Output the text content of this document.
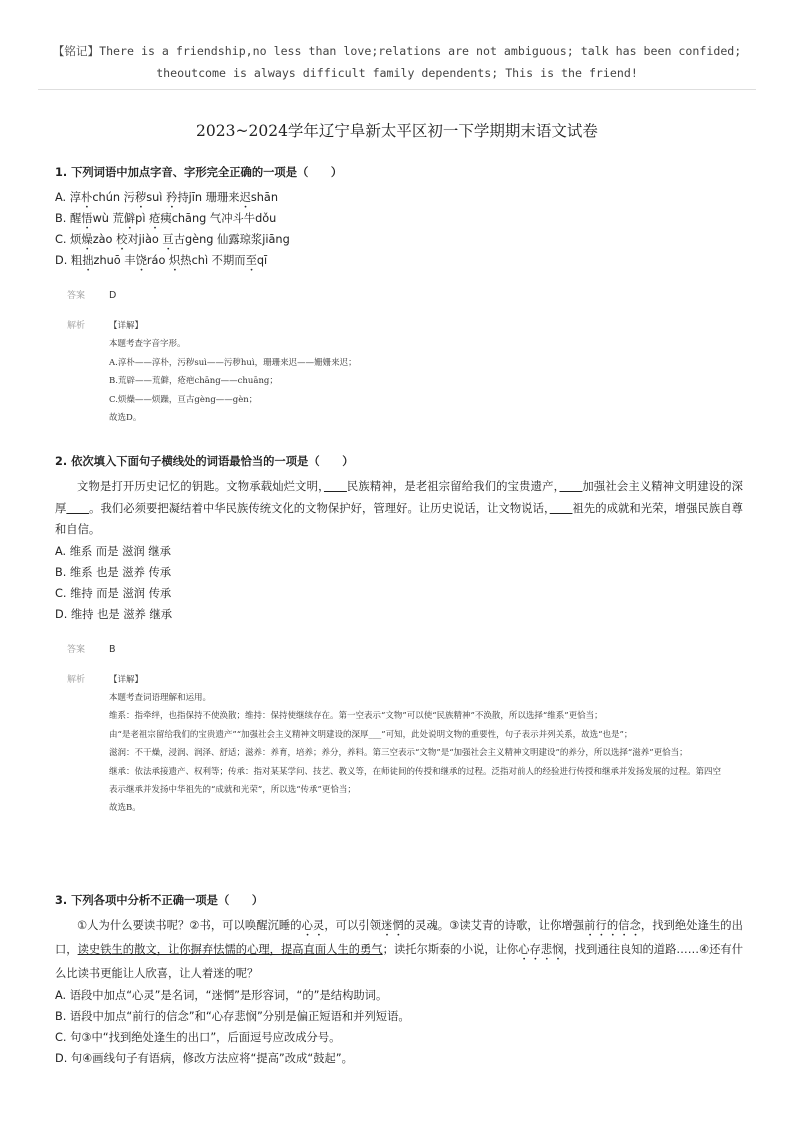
【铭记】There is a friendship,no less than love;relations are not ambiguous; talk has been confided;
theoutcome is always difficult family dependents; This is the friend!
2023~2024学年辽宁阜新太平区初一下学期期末语文试卷
1. 下列词语中加点字音、字形完全正确的一项是（　　）
A. 淳朴chún 污秽suì 矜持jīn 珊珊来迟shān
B. 醒悟wù 荒僻pì 疮痍chāng 气冲斗牛dǒu
C. 烦燥zào 校对jiào 亘古gèng 仙露琼浆jiāng
D. 粗拙zhuō 丰饶ráo 炽热chì 不期而至qī
答案	D
解析	【详解】
本题考查字音字形。
A.淳朴——淳朴，污秽suì——污秽huì，珊珊来迟——姗姗来迟；
B.荒辟——荒僻，疮疤chāng——chuāng；
C.烦燥——烦躁，亘古gèng——gèn；
故选D。
2. 依次填入下面句子横线处的词语最恰当的一项是（　　）
文物是打开历史记忆的钥匙。文物承载灿烂文明，　　 民族精神，是老祖宗留给我们的宝贵遗产，　　 加强社会主义精神文明建设的深厚　　 。我们必须要把凝结着中华民族传统文化的文物保护好，管理好。让历史说话，让文物说话，　　 祖先的成就和光荣，增强民族自尊和自信。
A. 维系 而是 滋润 继承
B. 维系 也是 滋养 传承
C. 维持 而是 滋润 传承
D. 维持 也是 滋养 继承
答案	B
解析	【详解】
本题考查词语理解和运用。
维系：指牵绊，也指保持不使涣散；维持：保持使继续存在。第一空表示“文物”可以使“民族精神”不涣散，所以选择“维系”更恰当；
由“是老祖宗留给我们的宝贵遗产”“加强社会主义精神文明建设的深厚___”可知，此处说明文物的重要性，句子表示并列关系，故选“也是”；
滋润：不干燥，浸润、润泽、舒适；滋养：养育，培养；养分，养料。第三空表示“文物”是“加强社会主义精神文明建设”的养分，所以选择“滋养”更恰当；
继承：依法承接遗产、权利等；传承：指对某某学问、技艺、教义等，在师徒间的传授和继承的过程。泛指对前人的经验进行传授和继承并发扬发展的过程。第四空表示继承并发扬中华祖先的“成就和光荣”，所以选“传承”更恰当；
故选B。
3. 下列各项中分析不正确一项是（　　）
①人为什么要读书呢？②书，可以唤醒沉睡的心灵，可以引领迷惘的灵魂。③读艾青的诗歌，让你增强前行的信念，找到绝处逢生的出口，读史铁生的散文，让你摒弃怯懦的心理，提高直面人生的勇气；读托尔斯泰的小说，让你心存悲悯，找到通往良知的道路……④还有什么比读书更能让人欣喜，让人着迷的呢？
A. 语段中加点“心灵”是名词，“迷惘”是形容词，“的”是结构助词。
B. 语段中加点“前行的信念”和“心存悲悯”分别是偏正短语和并列短语。
C. 句③中“找到绝处逢生的出口”，后面逗号应改成分号。
D. 句④画线句子有语病，修改方法应将“提高”改成“鼓起”。
